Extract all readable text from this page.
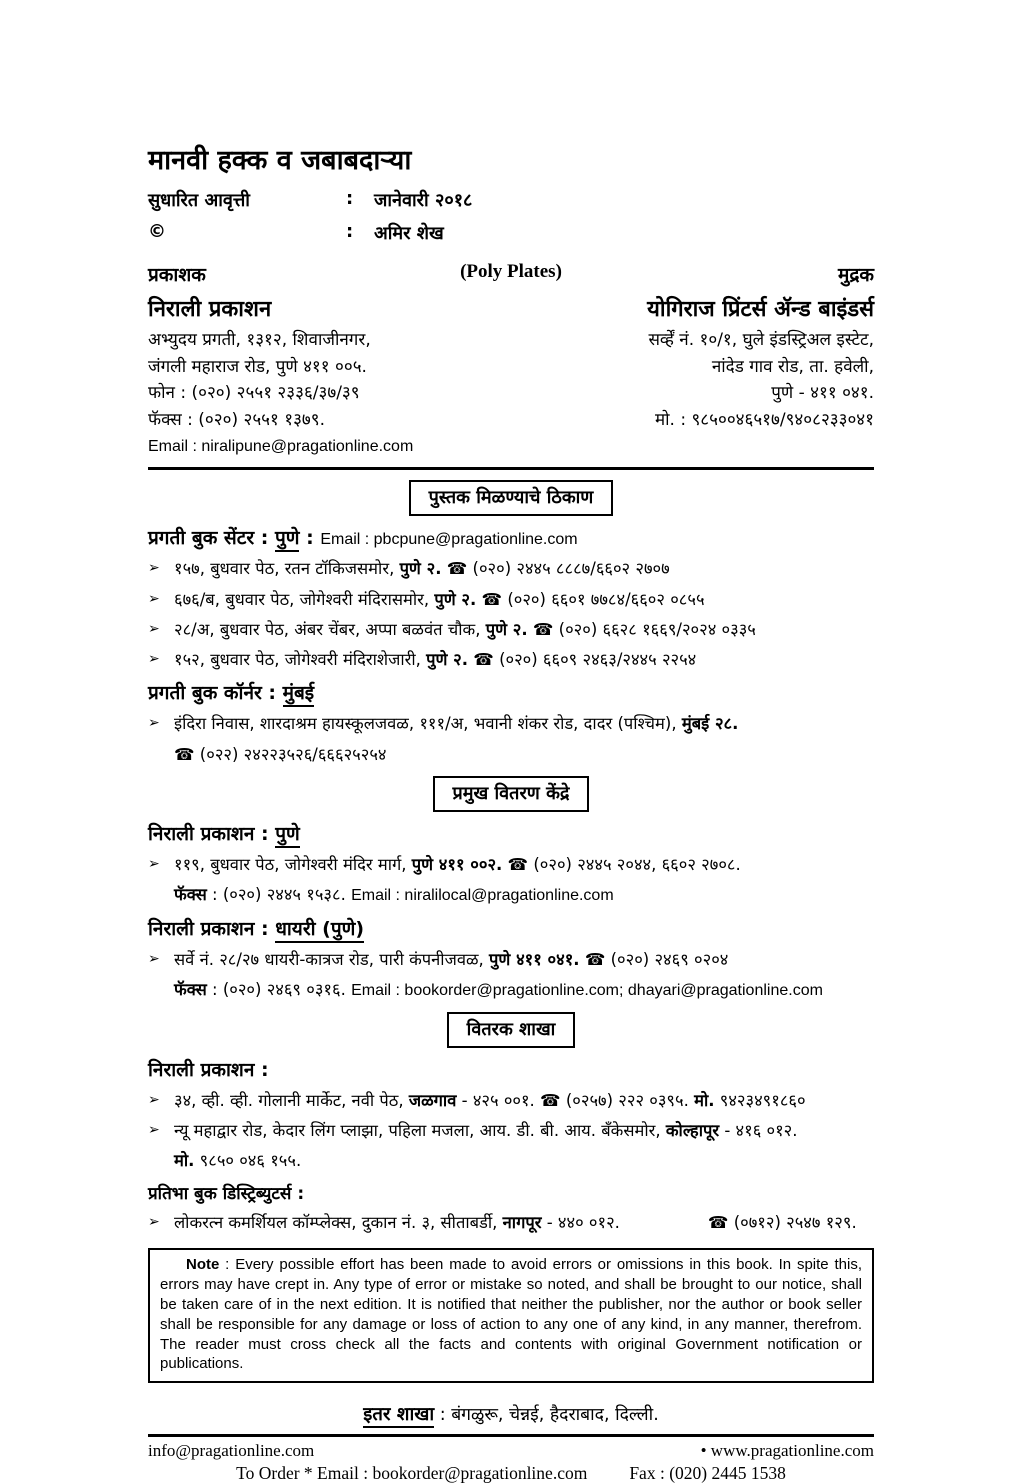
मानवी हक्क व जबाबदाऱ्या
सुधारित आवृत्ती	:	जानेवारी २०१८
©	:	अमिर शेख
(Poly Plates)
प्रकाशक
निराली प्रकाशन
अभ्युदय प्रगती, १३१२, शिवाजीनगर,
जंगली महाराज रोड, पुणे ४११ ००५.
फोन : (०२०) २५५१ २३३६/३७/३९
फॅक्स : (०२०) २५५१ १३७९.
Email : niralipune@pragationline.com
मुद्रक
योगिराज प्रिंटर्स ॲन्ड बाइंडर्स
सर्व्हें नं. १०/१, घुले इंडस्ट्रिअल इस्टेट,
नांदेड गाव रोड, ता. हवेली,
पुणे - ४११ ०४१.
मो. : ९८५००४६५१७/९४०८२३३०४१
पुस्तक मिळण्याचे ठिकाण
प्रगती बुक सेंटर : पुणे : Email : pbcpune@pragationline.com
➢ १५७, बुधवार पेठ, रतन टॉकिजसमोर, पुणे २. ☎ (०२०) २४४५ ८८८७/६६०२ २७०७
➢ ६७६/ब, बुधवार पेठ, जोगेश्वरी मंदिरासमोर, पुणे २. ☎ (०२०) ६६०१ ७७८४/६६०२ ०८५५
➢ २८/अ, बुधवार पेठ, अंबर चेंबर, अप्पा बळवंत चौक, पुणे २. ☎ (०२०) ६६२८ १६६९/२०२४ ०३३५
➢ १५२, बुधवार पेठ, जोगेश्वरी मंदिराशेजारी, पुणे २. ☎ (०२०) ६६०९ २४६३/२४४५ २२५४
प्रगती बुक कॉर्नर : मुंबई
➢ इंदिरा निवास, शारदाश्रम हायस्कूलजवळ, १११/अ, भवानी शंकर रोड, दादर (पश्चिम), मुंबई २८.
☎ (०२२) २४२२३५२६/६६६२५२५४
प्रमुख वितरण केंद्रे
निराली प्रकाशन : पुणे
➢ ११९, बुधवार पेठ, जोगेश्वरी मंदिर मार्ग, पुणे ४११ ००२. ☎ (०२०) २४४५ २०४४, ६६०२ २७०८.
फॅक्स : (०२०) २४४५ १५३८. Email : niralilocal@pragationline.com
निराली प्रकाशन : धायरी (पुणे)
➢ सर्वे नं. २८/२७ धायरी-कात्रज रोड, पारी कंपनीजवळ, पुणे ४११ ०४१. ☎ (०२०) २४६९ ०२०४
फॅक्स : (०२०) २४६९ ०३१६. Email : bookorder@pragationline.com; dhayari@pragationline.com
वितरक शाखा
निराली प्रकाशन :
➢ ३४, व्ही. व्ही. गोलानी मार्केट, नवी पेठ, जळगाव - ४२५ ००१. ☎ (०२५७) २२२ ०३९५. मो. ९४२३४९१८६०
➢ न्यू महाद्वार रोड, केदार लिंग प्लाझा, पहिला मजला, आय. डी. बी. आय. बँकेसमोर, कोल्हापूर - ४१६ ०१२.
मो. ९८५० ०४६ १५५.
प्रतिभा बुक डिस्ट्रिब्युटर्स :
➢ लोकरत्न कमर्शियल कॉम्प्लेक्स, दुकान नं. ३, सीताबर्डी, नागपूर - ४४० ०१२.	☎ (०७१२) २५४७ १२९.

Note : Every possible effort has been made to avoid errors or omissions in this book. In spite this, errors may have crept in. Any type of error or mistake so noted, and shall be brought to our notice, shall be taken care of in the next edition. It is notified that neither the publisher, nor the author or book seller shall be responsible for any damage or loss of action to any one of any kind, in any manner, therefrom. The reader must cross check all the facts and contents with original Government notification or publications.

इतर शाखा : बंगळुरू, चेन्नई, हैदराबाद, दिल्ली.
info@pragationline.com	• www.pragationline.com
To Order * Email : bookorder@pragationline.com Fax : (020) 2445 1538
